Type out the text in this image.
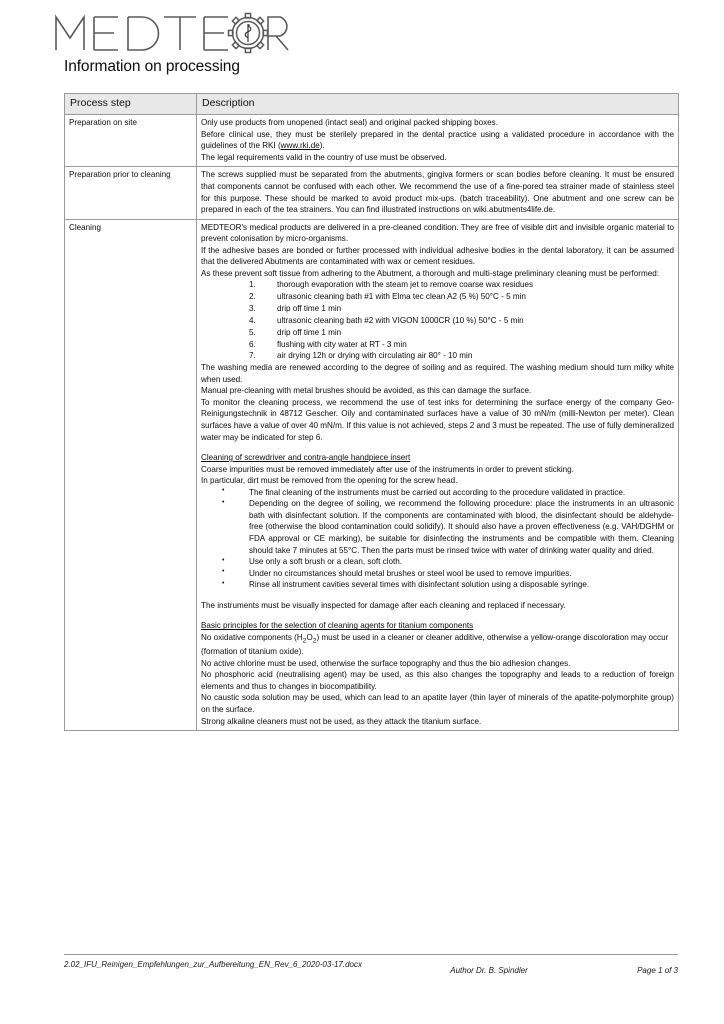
Information on processing
Process step	Description
Preparation on site	Only use products from unopened (intact seal) and original packed shipping boxes.

Before clinical use, they must be sterilely prepared in the dental practice using a validated procedure in accordance with the guidelines of the RKI (www.rki.de).

The legal requirements valid in the country of use must be observed.

Preparation prior to cleaning	The screws supplied must be separated from the abutments, gingiva formers or scan bodies before cleaning. It must be ensured that components cannot be confused with each other. We recommend the use of a fine-pored tea strainer made of stainless steel for this purpose. These should be marked to avoid product mix-ups. (batch traceability). One abutment and one screw can be prepared in each of the tea strainers. You can find illustrated instructions on wiki.abutments4life.de.

Cleaning	MEDTEOR's medical products are delivered in a pre-cleaned condition. They are free of visible dirt and invisible organic material to prevent colonisation by micro-organisms.

If the adhesive bases are bonded or further processed with individual adhesive bodies in the dental laboratory, it can be assumed that the delivered Abutments are contaminated with wax or cement residues.

As these prevent soft tissue from adhering to the Abutment, a thorough and multi-stage preliminary cleaning must be performed:

thorough evaporation with the steam jet to remove coarse wax residues
ultrasonic cleaning bath #1 with Elma tec clean A2 (5 %) 50°C - 5 min
drip off time 1 min
ultrasonic cleaning bath #2 with VIGON 1000CR (10 %) 50°C - 5 min
drip off time 1 min
flushing with city water at RT - 3 min
air drying 12h or drying with circulating air 80° - 10 min

The washing media are renewed according to the degree of soiling and as required. The washing medium should turn milky white when used.

Manual pre-cleaning with metal brushes should be avoided, as this can damage the surface.

To monitor the cleaning process, we recommend the use of test inks for determining the surface energy of the company Geo-Reinigungstechnik in 48712 Gescher. Oily and contaminated surfaces have a value of 30 mN/m (milli-Newton per meter). Clean surfaces have a value of over 40 mN/m. If this value is not achieved, steps 2 and 3 must be repeated. The use of fully demineralized water may be indicated for step 6.

Cleaning of screwdriver and contra-angle handpiece insert

Coarse impurities must be removed immediately after use of the instruments in order to prevent sticking.

In particular, dirt must be removed from the opening for the screw head.

• The final cleaning of the instruments must be carried out according to the procedure validated in practice.
• Depending on the degree of soiling, we recommend the following procedure: place the instruments in an ultrasonic bath with disinfectant solution. If the components are contaminated with blood, the disinfectant should be aldehyde-free (otherwise the blood contamination could solidify). It should also have a proven effectiveness (e.g. VAH/DGHM or FDA approval or CE marking), be suitable for disinfecting the instruments and be compatible with them. Cleaning should take 7 minutes at 55°C. Then the parts must be rinsed twice with water of drinking water quality and dried.
• Use only a soft brush or a clean, soft cloth.
• Under no circumstances should metal brushes or steel wool be used to remove impurities.
• Rinse all instrument cavities several times with disinfectant solution using a disposable syringe.

The instruments must be visually inspected for damage after each cleaning and replaced if necessary.

Basic principles for the selection of cleaning agents for titanium components

No oxidative components $(H_2O_2)$ must be used in a cleaner or cleaner additive, otherwise a yellow-orange discoloration may occur (formation of titanium oxide).

No active chlorine must be used, otherwise the surface topography and thus the bio adhesion changes.

No phosphoric acid (neutralising agent) may be used, as this also changes the topography and leads to a reduction of foreign elements and thus to changes in biocompatibility.

No caustic soda solution may be used, which can lead to an apatite layer (thin layer of minerals of the apatite-polymorphite group) on the surface.

Strong alkaline cleaners must not be used, as they attack the titanium surface.

2.02_IFU_Reinigen_Empfehlungen_zur_Aufbereitung_EN_Rev_6_2020-03-17.docx
Author Dr. B. Spindler	Page 1 of 3
